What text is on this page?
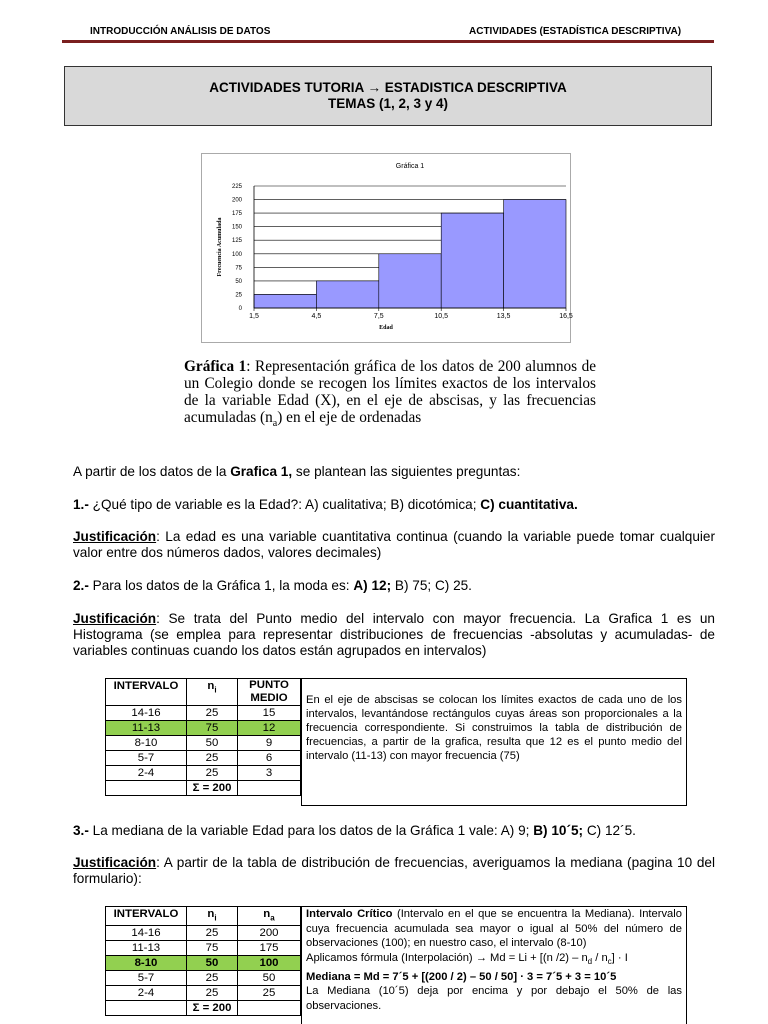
INTRODUCCIÓN ANÁLISIS DE DATOS	ACTIVIDADES (ESTADÍSTICA DESCRIPTIVA)
ACTIVIDADES TUTORIA → ESTADISTICA DESCRIPTIVA
TEMAS (1, 2, 3 y 4)
Gráfica 1
0
25
50
75
100
125
150
175
200
225
1,5	4,5	7,5	10,5	13,5	16,5
Edad
Frecuencia Acumulada
Gráfica 1: Representación gráfica de los datos de 200 alumnos de un Colegio donde se recogen los límites exactos de los intervalos de la variable Edad (X), en el eje de abscisas, y las frecuencias acumuladas $(n_a)$ en el eje de ordenadas
A partir de los datos de la Grafica 1, se plantean las siguientes preguntas:
1.- ¿Qué tipo de variable es la Edad?: A) cualitativa; B) dicotómica; C) cuantitativa.
Justificación: La edad es una variable cuantitativa continua (cuando la variable puede tomar cualquier valor entre dos números dados, valores decimales)
2.- Para los datos de la Gráfica 1, la moda es: A) 12; B) 75; C) 25.
Justificación: Se trata del Punto medio del intervalo con mayor frecuencia. La Grafica 1 es un Histograma (se emplea para representar distribuciones de frecuencias -absolutas y acumuladas- de variables continuas cuando los datos están agrupados en intervalos)
INTERVALO	$n_i$	PUNTO MEDIO
14-16	25	15
11-13	75	12
8-10	50	9
5-7	25	6
2-4	25	3
	Σ = 200	
En el eje de abscisas se colocan los límites exactos de cada uno de los intervalos, levantándose rectángulos cuyas áreas son proporcionales a la frecuencia correspondiente. Si construimos la tabla de distribución de frecuencias, a partir de la grafica, resulta que 12 es el punto medio del intervalo (11-13) con mayor frecuencia (75)
3.- La mediana de la variable Edad para los datos de la Gráfica 1 vale: A) 9; B) 10´5; C) 12´5.
Justificación: A partir de la tabla de distribución de frecuencias, averiguamos la mediana (pagina 10 del formulario):
INTERVALO	$n_i$	$n_a$
14-16	25	200
11-13	75	175
8-10	50	100
5-7	25	50
2-4	25	25
	Σ = 200	
Intervalo Crítico (Intervalo en el que se encuentra la Mediana). Intervalo cuya frecuencia acumulada sea mayor o igual al 50% del número de observaciones (100); en nuestro caso, el intervalo (8-10)
Aplicamos fórmula (Interpolación) → Md = Li + [(n $/2) - n_d / n_c] \cdot I$
Mediana = Md = 7´5 + [(200 / 2) – 50 / 50] · 3 = 7´5 + 3 = 10´5
La Mediana (10´5) deja por encima y por debajo el 50% de las observaciones.
